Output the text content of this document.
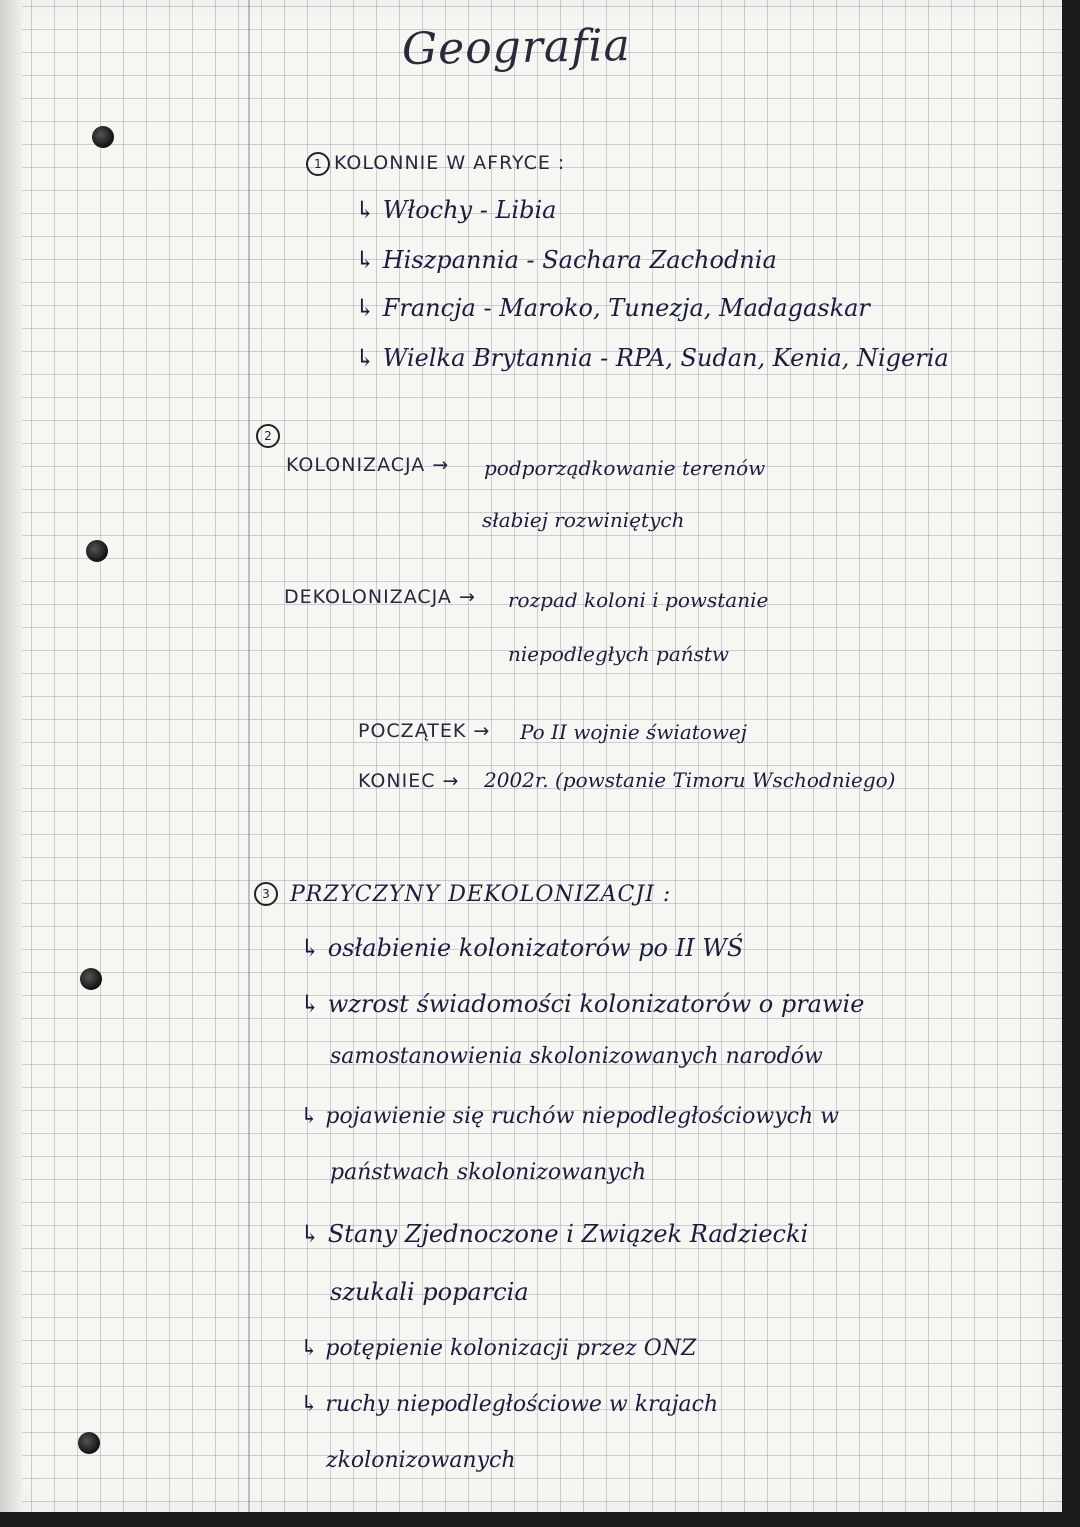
Geografia
1 KOLONNIE W AFRYCE :
↳ Włochy - Libia
↳ Hiszpannia - Sachara Zachodnia
↳ Francja - Maroko, Tunezja, Madagaskar
↳ Wielka Brytannia - RPA, Sudan, Kenia, Nigeria
2
KOLONIZACJA → podporządkowanie terenów
słabiej rozwiniętych
DEKOLONIZACJA → rozpad koloni i powstanie
niepodległych państw
POCZĄTEK → Po II wojnie światowej
KONIEC → 2002r. (powstanie Timoru Wschodniego)
3 PRZYCZYNY DEKOLONIZACJI :
↳ osłabienie kolonizatorów po II WŚ
↳ wzrost świadomości kolonizatorów o prawie
samostanowienia skolonizowanych narodów
↳ pojawienie się ruchów niepodległościowych w
państwach skolonizowanych
↳ Stany Zjednoczone i Związek Radziecki
szukali poparcia
↳ potępienie kolonizacji przez ONZ
↳ ruchy niepodległościowe w krajach
zkolonizowanych
